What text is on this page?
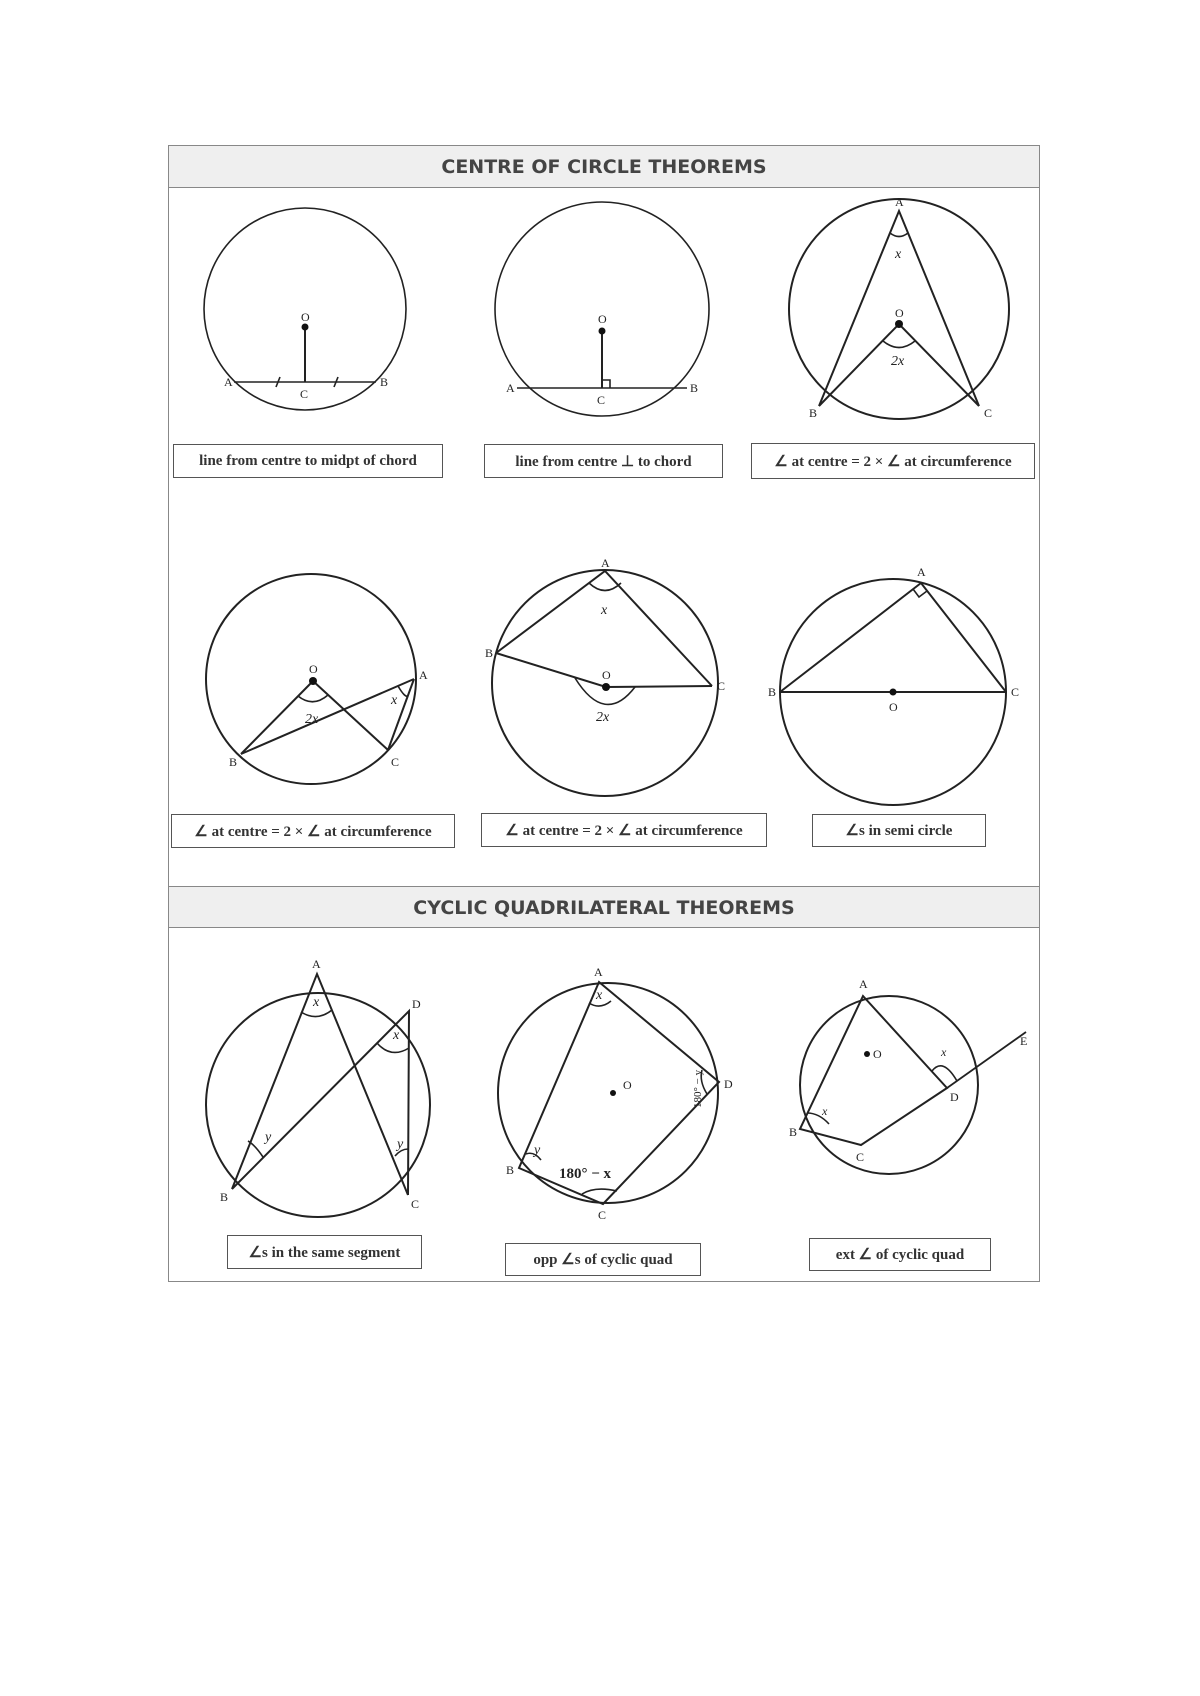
CENTRE OF CIRCLE THEOREMS
CYCLIC QUADRILATERAL THEOREMS
O
A	B
C
O
A	B
C
A
O
B	C
x
2x
O	A
B	C
x
2x
A
B
O
C
x
2x
A
B
O
C
A
D
B	C
x
x
y	y
A
O
B
C
D
x
y
180° − x
180° − y
A
O
B
C
D
E
x
x
line from centre to midpt of chord	line from centre ⊥ to chord	∠ at centre = 2 × ∠ at circumference
∠ at centre = 2 × ∠ at circumference	∠ at centre = 2 × ∠ at circumference	∠s in semi circle
∠s in the same segment	opp ∠s of cyclic quad	ext ∠ of cyclic quad
